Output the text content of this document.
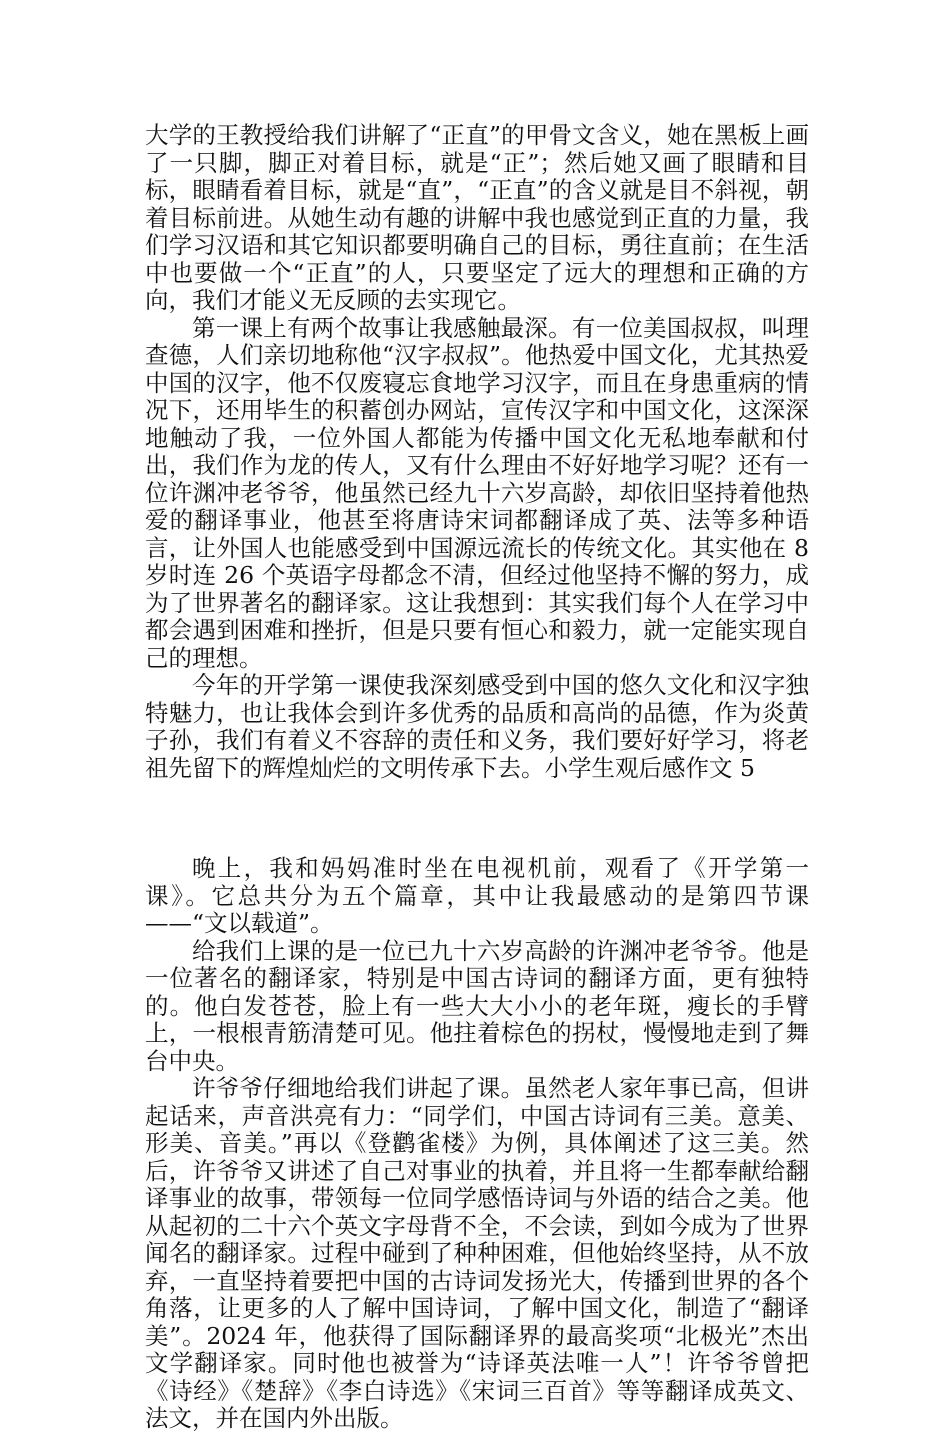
大学的王教授给我们讲解了“正直”的甲骨文含义，她在黑板上画了一只脚，脚正对着目标，就是“正”；然后她又画了眼睛和目标，眼睛看着目标，就是“直”，“正直”的含义就是目不斜视，朝着目标前进。从她生动有趣的讲解中我也感觉到正直的力量，我们学习汉语和其它知识都要明确自己的目标，勇往直前；在生活中也要做一个“正直”的人，只要坚定了远大的理想和正确的方向，我们才能义无反顾的去实现它。

第一课上有两个故事让我感触最深。有一位美国叔叔，叫理查德，人们亲切地称他“汉字叔叔”。他热爱中国文化，尤其热爱中国的汉字，他不仅废寝忘食地学习汉字，而且在身患重病的情况下，还用毕生的积蓄创办网站，宣传汉字和中国文化，这深深地触动了我，一位外国人都能为传播中国文化无私地奉献和付出，我们作为龙的传人，又有什么理由不好好地学习呢？还有一位许渊冲老爷爷，他虽然已经九十六岁高龄，却依旧坚持着他热爱的翻译事业，他甚至将唐诗宋词都翻译成了英、法等多种语言，让外国人也能感受到中国源远流长的传统文化。其实他在 8 岁时连 26 个英语字母都念不清，但经过他坚持不懈的努力，成为了世界著名的翻译家。这让我想到：其实我们每个人在学习中都会遇到困难和挫折，但是只要有恒心和毅力，就一定能实现自己的理想。

今年的开学第一课使我深刻感受到中国的悠久文化和汉字独特魅力，也让我体会到许多优秀的品质和高尚的品德，作为炎黄子孙，我们有着义不容辞的责任和义务，我们要好好学习，将老祖先留下的辉煌灿烂的文明传承下去。小学生观后感作文 5

晚上，我和妈妈准时坐在电视机前，观看了《开学第一课》。它总共分为五个篇章，其中让我最感动的是第四节课——“文以载道”。

给我们上课的是一位已九十六岁高龄的许渊冲老爷爷。他是一位著名的翻译家，特别是中国古诗词的翻译方面，更有独特的。他白发苍苍，脸上有一些大大小小的老年斑，瘦长的手臂上，一根根青筋清楚可见。他拄着棕色的拐杖，慢慢地走到了舞台中央。

许爷爷仔细地给我们讲起了课。虽然老人家年事已高，但讲起话来，声音洪亮有力：“同学们，中国古诗词有三美。意美、形美、音美。”再以《登鹳雀楼》为例，具体阐述了这三美。然后，许爷爷又讲述了自己对事业的执着，并且将一生都奉献给翻译事业的故事，带领每一位同学感悟诗词与外语的结合之美。他从起初的二十六个英文字母背不全，不会读，到如今成为了世界闻名的翻译家。过程中碰到了种种困难，但他始终坚持，从不放弃，一直坚持着要把中国的古诗词发扬光大，传播到世界的各个角落，让更多的人了解中国诗词，了解中国文化，制造了“翻译美”。2024 年，他获得了国际翻译界的最高奖项“北极光”杰出文学翻译家。同时他也被誉为“诗译英法唯一人”！许爷爷曾把《诗经》《楚辞》《李白诗选》《宋词三百首》等等翻译成英文、法文，并在国内外出版。
